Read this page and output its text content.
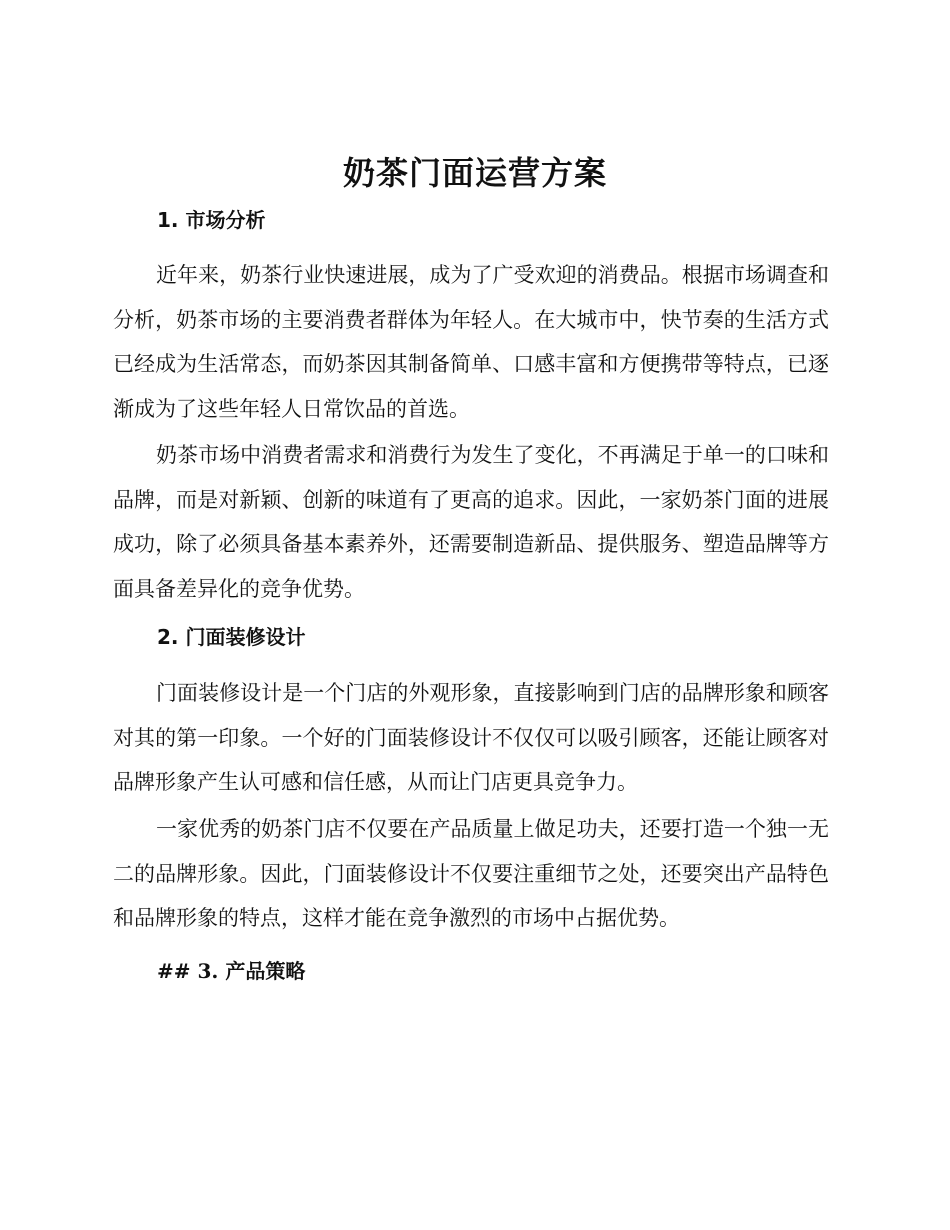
奶茶门面运营方案
1. 市场分析

近年来，奶茶行业快速进展，成为了广受欢迎的消费品。根据市场调查和分析，奶茶市场的主要消费者群体为年轻人。在大城市中，快节奏的生活方式已经成为生活常态，而奶茶因其制备简单、口感丰富和方便携带等特点，已逐渐成为了这些年轻人日常饮品的首选。

奶茶市场中消费者需求和消费行为发生了变化，不再满足于单一的口味和品牌，而是对新颖、创新的味道有了更高的追求。因此，一家奶茶门面的进展成功，除了必须具备基本素养外，还需要制造新品、提供服务、塑造品牌等方面具备差异化的竞争优势。

2. 门面装修设计

门面装修设计是一个门店的外观形象，直接影响到门店的品牌形象和顾客对其的第一印象。一个好的门面装修设计不仅仅可以吸引顾客，还能让顾客对品牌形象产生认可感和信任感，从而让门店更具竞争力。

一家优秀的奶茶门店不仅要在产品质量上做足功夫，还要打造一个独一无二的品牌形象。因此，门面装修设计不仅要注重细节之处，还要突出产品特色和品牌形象的特点，这样才能在竞争激烈的市场中占据优势。

## 3. 产品策略
